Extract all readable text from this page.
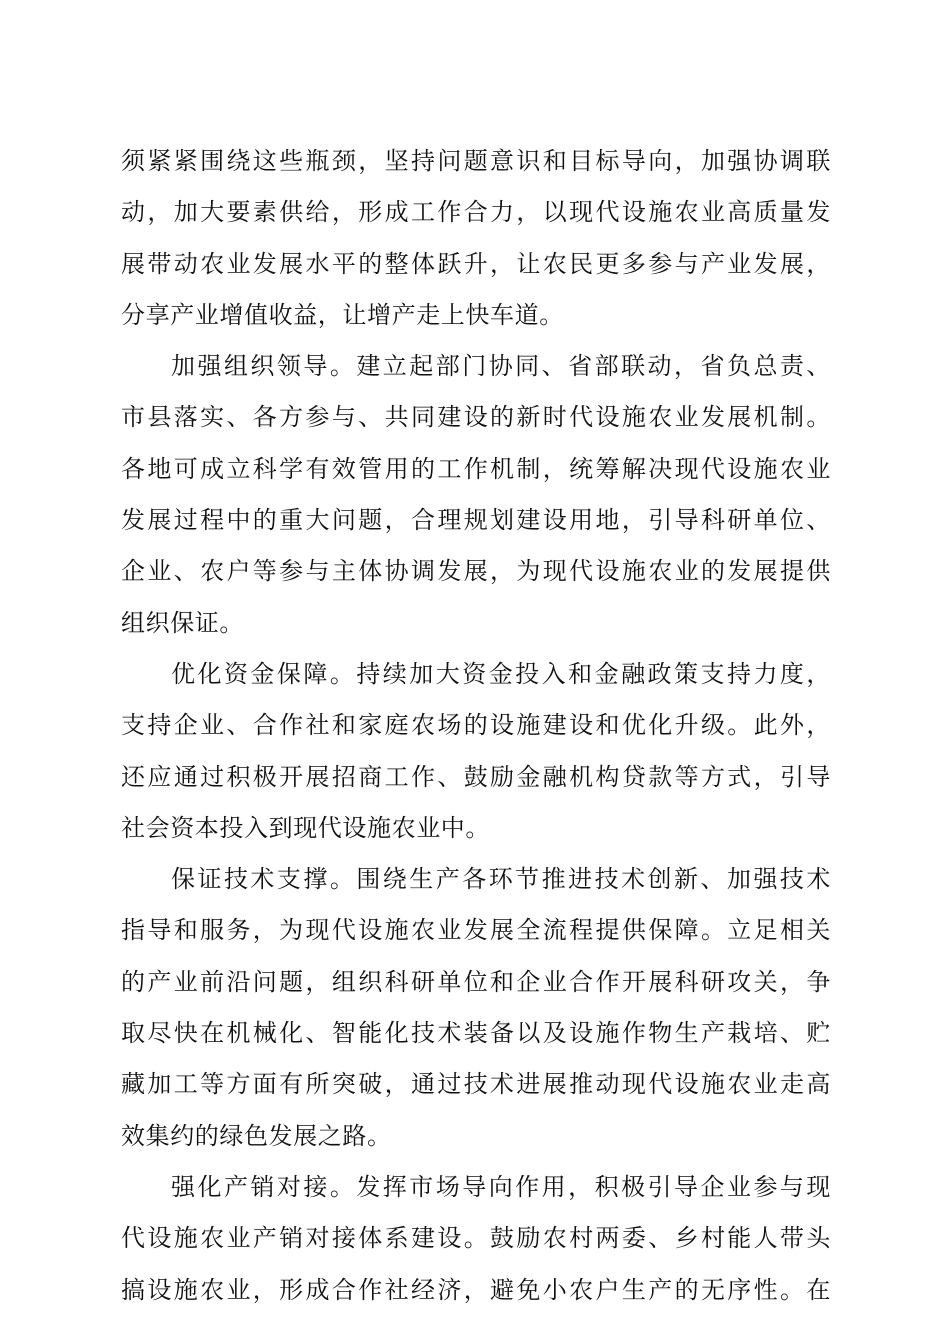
须紧紧围绕这些瓶颈，坚持问题意识和目标导向，加强协调联
动，加大要素供给，形成工作合力，以现代设施农业高质量发
展带动农业发展水平的整体跃升，让农民更多参与产业发展，
分享产业增值收益，让增产走上快车道。
加强组织领导。建立起部门协同、省部联动，省负总责、
市县落实、各方参与、共同建设的新时代设施农业发展机制。
各地可成立科学有效管用的工作机制，统筹解决现代设施农业
发展过程中的重大问题，合理规划建设用地，引导科研单位、
企业、农户等参与主体协调发展，为现代设施农业的发展提供
组织保证。
优化资金保障。持续加大资金投入和金融政策支持力度，
支持企业、合作社和家庭农场的设施建设和优化升级。此外，
还应通过积极开展招商工作、鼓励金融机构贷款等方式，引导
社会资本投入到现代设施农业中。
保证技术支撑。围绕生产各环节推进技术创新、加强技术
指导和服务，为现代设施农业发展全流程提供保障。立足相关
的产业前沿问题，组织科研单位和企业合作开展科研攻关，争
取尽快在机械化、智能化技术装备以及设施作物生产栽培、贮
藏加工等方面有所突破，通过技术进展推动现代设施农业走高
效集约的绿色发展之路。
强化产销对接。发挥市场导向作用，积极引导企业参与现
代设施农业产销对接体系建设。鼓励农村两委、乡村能人带头
搞设施农业，形成合作社经济，避免小农户生产的无序性。在
